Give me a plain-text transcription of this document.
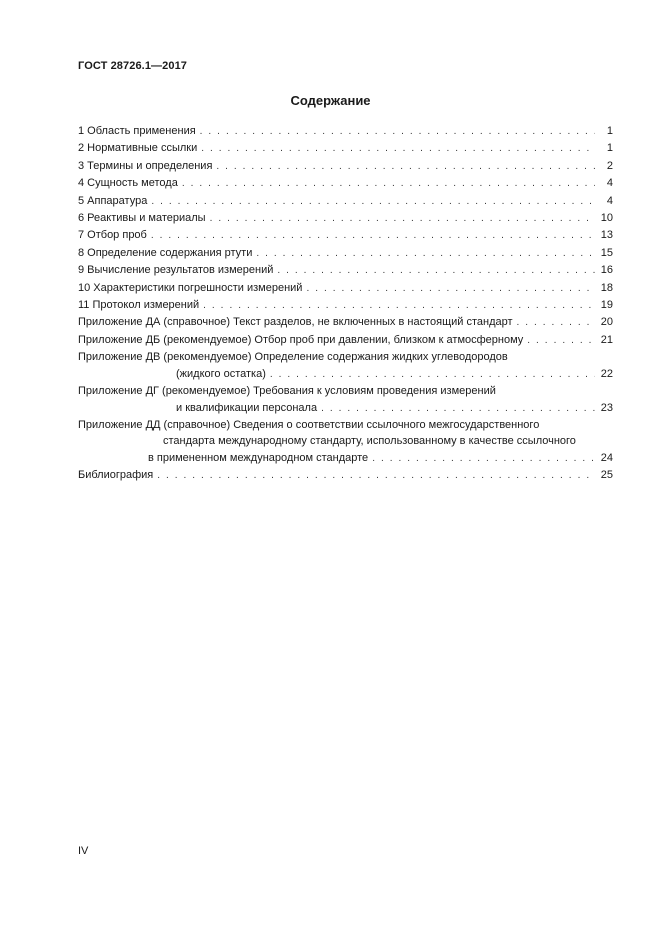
ГОСТ 28726.1—2017
Содержание
1 Область применения . . .	1
2 Нормативные ссылки . . .	1
3 Термины и определения . . .	2
4 Сущность метода . . .	4
5 Аппаратура . . .	4
6 Реактивы и материалы . . .	10
7 Отбор проб . . .	13
8 Определение содержания ртути . . .	15
9 Вычисление результатов измерений . . .	16
10 Характеристики погрешности измерений . . .	18
11 Протокол измерений . . .	19
Приложение ДА (справочное) Текст разделов, не включенных в настоящий стандарт . . .	20
Приложение ДБ (рекомендуемое) Отбор проб при давлении, близком к атмосферному . . .	21
Приложение ДВ (рекомендуемое) Определение содержания жидких углеводородов
(жидкого остатка) . . .	22
Приложение ДГ (рекомендуемое) Требования к условиям проведения измерений
и квалификации персонала . . .	23
Приложение ДД (справочное) Сведения о соответствии ссылочного межгосударственного
стандарта международному стандарту, использованному в качестве ссылочного
в примененном международном стандарте . . .	24
Библиография . . .	25
IV
